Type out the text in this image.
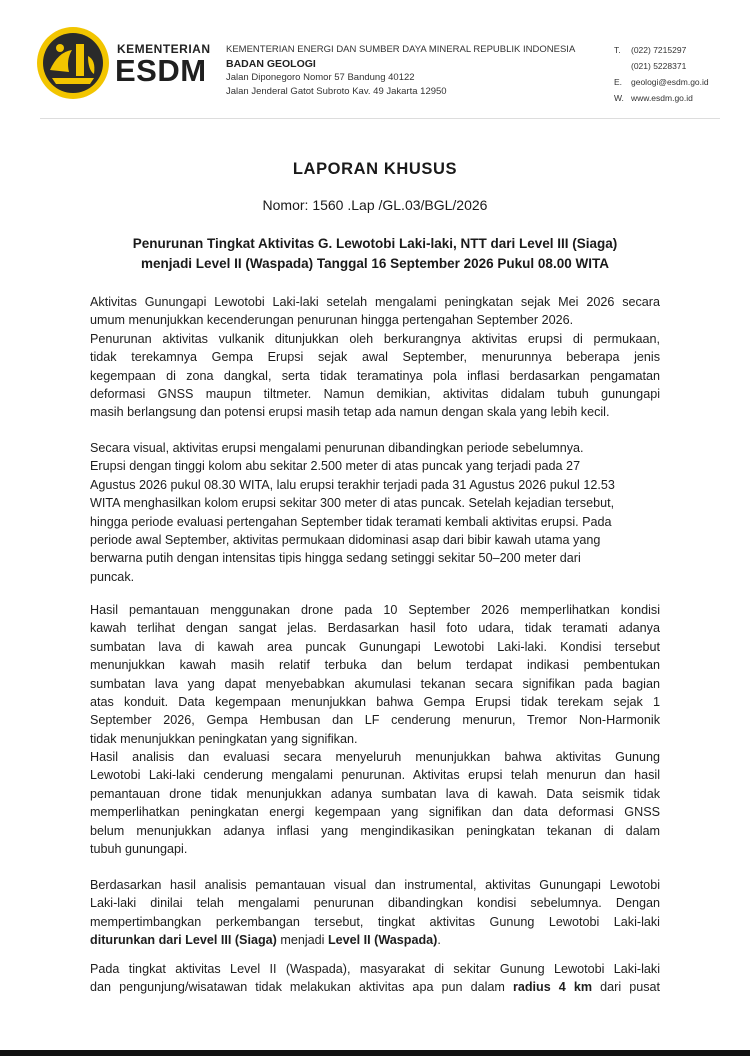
KEMENTERIAN
ESDM
KEMENTERIAN ENERGI DAN SUMBER DAYA MINERAL REPUBLIK INDONESIA
BADAN GEOLOGI
Jalan Diponegoro Nomor 57 Bandung 40122
Jalan Jenderal Gatot Subroto Kav. 49 Jakarta 12950
T.	(022) 7215297
(021) 5228371
E.	geologi@esdm.go.id
W. www.esdm.go.id
LAPORAN KHUSUS
Nomor: 1560 .Lap /GL.03/BGL/2026
Penurunan Tingkat Aktivitas G. Lewotobi Laki-laki, NTT dari Level III (Siaga)
menjadi Level II (Waspada) Tanggal 16 September 2026 Pukul 08.00 WITA
Aktivitas Gunungapi Lewotobi Laki-laki setelah mengalami peningkatan sejak Mei 2026 secara
umum menunjukkan kecenderungan penurunan hingga pertengahan September 2026.
Penurunan aktivitas vulkanik ditunjukkan oleh berkurangnya aktivitas erupsi di permukaan,
tidak terekamnya Gempa Erupsi sejak awal September, menurunnya beberapa jenis
kegempaan di zona dangkal, serta tidak teramatinya pola inflasi berdasarkan pengamatan
deformasi GNSS maupun tiltmeter. Namun demikian, aktivitas didalam tubuh gunungapi
masih berlangsung dan potensi erupsi masih tetap ada namun dengan skala yang lebih kecil.
Secara visual, aktivitas erupsi mengalami penurunan dibandingkan periode sebelumnya.
Erupsi dengan tinggi kolom abu sekitar 2.500 meter di atas puncak yang terjadi pada 27
Agustus 2026 pukul 08.30 WITA, lalu erupsi terakhir terjadi pada 31 Agustus 2026 pukul 12.53
WITA menghasilkan kolom erupsi sekitar 300 meter di atas puncak. Setelah kejadian tersebut,
hingga periode evaluasi pertengahan September tidak teramati kembali aktivitas erupsi. Pada
periode awal September, aktivitas permukaan didominasi asap dari bibir kawah utama yang
berwarna putih dengan intensitas tipis hingga sedang setinggi sekitar 50–200 meter dari
puncak.
Hasil pemantauan menggunakan drone pada 10 September 2026 memperlihatkan kondisi
kawah terlihat dengan sangat jelas. Berdasarkan hasil foto udara, tidak teramati adanya
sumbatan lava di kawah area puncak Gunungapi Lewotobi Laki-laki. Kondisi tersebut
menunjukkan kawah masih relatif terbuka dan belum terdapat indikasi pembentukan
sumbatan lava yang dapat menyebabkan akumulasi tekanan secara signifikan pada bagian
atas konduit. Data kegempaan menunjukkan bahwa Gempa Erupsi tidak terekam sejak 1
September 2026, Gempa Hembusan dan LF cenderung menurun, Tremor Non-Harmonik
tidak menunjukkan peningkatan yang signifikan.
Hasil analisis dan evaluasi secara menyeluruh menunjukkan bahwa aktivitas Gunung
Lewotobi Laki-laki cenderung mengalami penurunan. Aktivitas erupsi telah menurun dan hasil
pemantauan drone tidak menunjukkan adanya sumbatan lava di kawah. Data seismik tidak
memperlihatkan peningkatan energi kegempaan yang signifikan dan data deformasi GNSS
belum menunjukkan adanya inflasi yang mengindikasikan peningkatan tekanan di dalam
tubuh gunungapi.
Berdasarkan hasil analisis pemantauan visual dan instrumental, aktivitas Gunungapi Lewotobi
Laki-laki dinilai telah mengalami penurunan dibandingkan kondisi sebelumnya. Dengan
mempertimbangkan perkembangan tersebut, tingkat aktivitas Gunung Lewotobi Laki-laki
diturunkan dari Level III (Siaga) menjadi Level II (Waspada).
Pada tingkat aktivitas Level II (Waspada), masyarakat di sekitar Gunung Lewotobi Laki-laki
dan pengunjung/wisatawan tidak melakukan aktivitas apa pun dalam radius 4 km dari pusat
